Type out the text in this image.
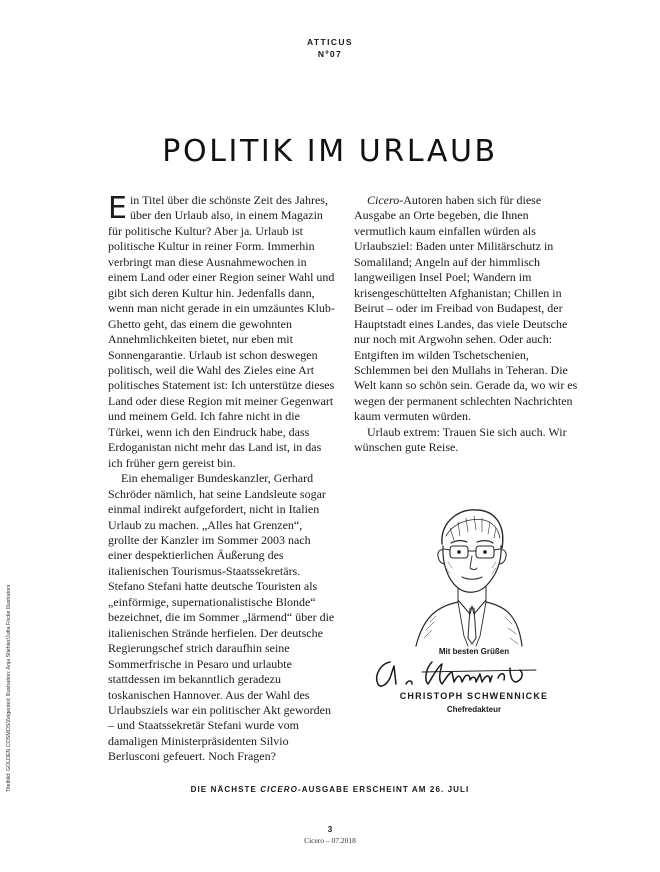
ATTICUS
Nº07
POLITIK IM URLAUB

Ein Titel über die schönste Zeit des Jahres, über den Urlaub also, in einem Magazin für politische Kultur? Aber ja. Urlaub ist politische Kultur in reiner Form. Immerhin verbringt man diese Ausnahmewochen in einem Land oder einer Region seiner Wahl und gibt sich deren Kultur hin. Jedenfalls dann, wenn man nicht gerade in ein umzäuntes Klub-Ghetto geht, das einem die gewohnten Annehmlichkeiten bietet, nur eben mit Sonnengarantie. Urlaub ist schon deswegen politisch, weil die Wahl des Zieles eine Art politisches Statement ist: Ich unterstütze dieses Land oder diese Region mit meiner Gegenwart und meinem Geld. Ich fahre nicht in die Türkei, wenn ich den Eindruck habe, dass Erdoganistan nicht mehr das Land ist, in das ich früher gern gereist bin.

Ein ehemaliger Bundeskanzler, Gerhard Schröder nämlich, hat seine Landsleute sogar einmal indirekt aufgefordert, nicht in Italien Urlaub zu machen. „Alles hat Grenzen“, grollte der Kanzler im Sommer 2003 nach einer despektierlichen Äußerung des italienischen Tourismus-Staatssekretärs. Stefano Stefani hatte deutsche Touristen als „einförmige, supernationalistische Blonde“ bezeichnet, die im Sommer „lärmend“ über die italienischen Strände herfielen. Der deutsche Regierungschef strich daraufhin seine Sommerfrische in Pesaro und urlaubte stattdessen im bekanntlich geradezu toskanischen Hannover. Aus der Wahl des Urlaubsziels war ein politischer Akt geworden – und Staatssekretär Stefani wurde vom damaligen Ministerpräsidenten Silvio Berlusconi gefeuert. Noch Fragen?

Cicero-Autoren haben sich für diese Ausgabe an Orte begeben, die Ihnen vermutlich kaum einfallen würden als Urlaubsziel: Baden unter Militärschutz in Somaliland; Angeln auf der himmlisch langweiligen Insel Poel; Wandern im krisengeschüttelten Afghanistan; Chillen in Beirut – oder im Freibad von Budapest, der Hauptstadt eines Landes, das viele Deutsche nur noch mit Argwohn sehen. Oder auch: Entgiften im wilden Tschetschenien, Schlemmen bei den Mullahs in Teheran. Die Welt kann so schön sein. Gerade da, wo wir es wegen der permanent schlechten Nachrichten kaum vermuten würden.

Urlaub extrem: Trauen Sie sich auch. Wir wünschen gute Reise.

Titelbild: GOLDEN COSMOS/Zeigenteil; Illustration: Anja Stiehler/Jutta Fricke Illustrators	Mit besten Grüßen
CHRISTOPH SCHWENNICKE
Chefredakteur
DIE NÄCHSTE CICERO-AUSGABE ERSCHEINT AM 26. JULI
3
Cicero – 07.2018
